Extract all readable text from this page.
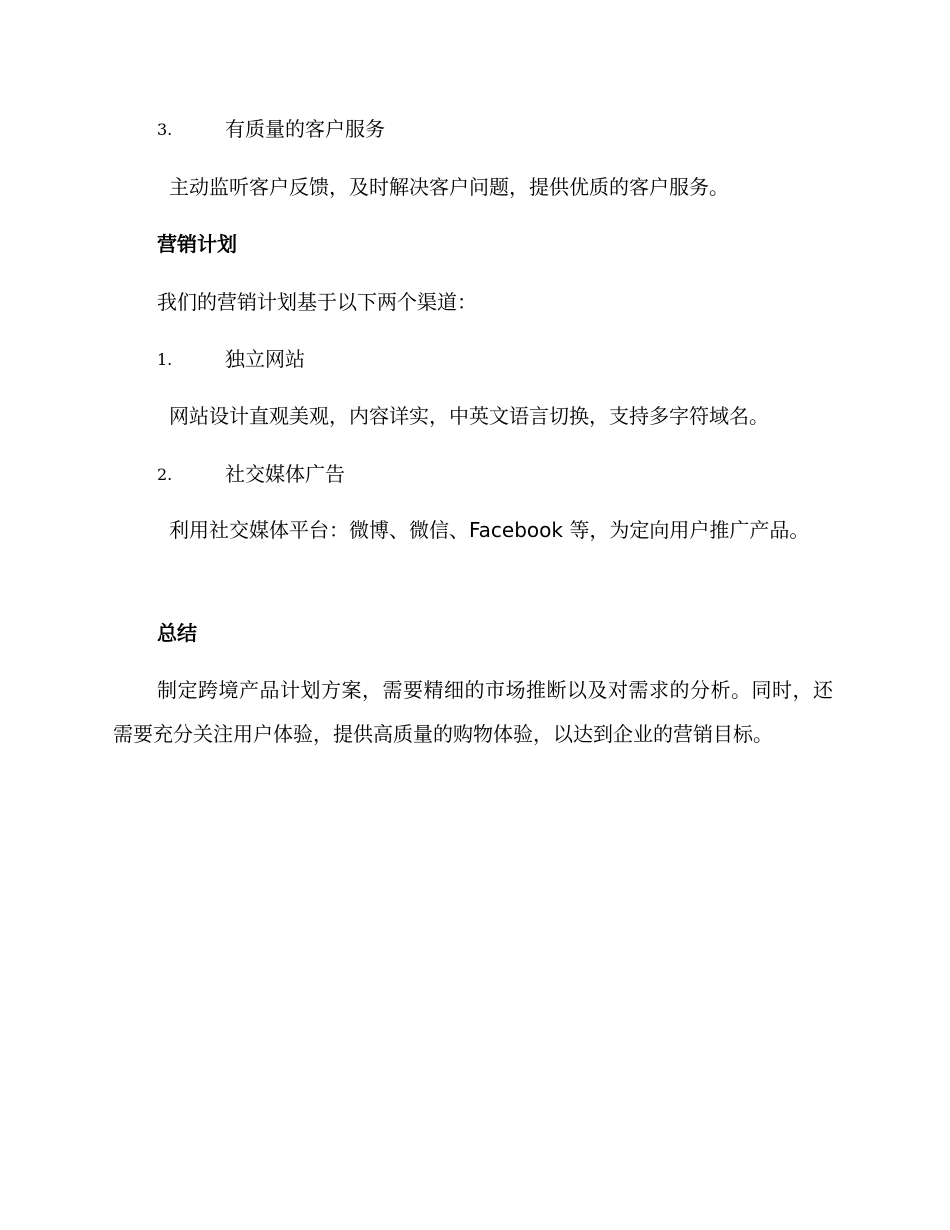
3.	有质量的客户服务
主动监听客户反馈，及时解决客户问题，提供优质的客户服务。
营销计划
我们的营销计划基于以下两个渠道：
1.	独立网站
网站设计直观美观，内容详实，中英文语言切换，支持多字符域名。
2.	社交媒体广告
利用社交媒体平台：微博、微信、Facebook 等，为定向用户推广产品。
总结
制定跨境产品计划方案，需要精细的市场推断以及对需求的分析。同时，还需要充分关注用户体验，提供高质量的购物体验，以达到企业的营销目标。
